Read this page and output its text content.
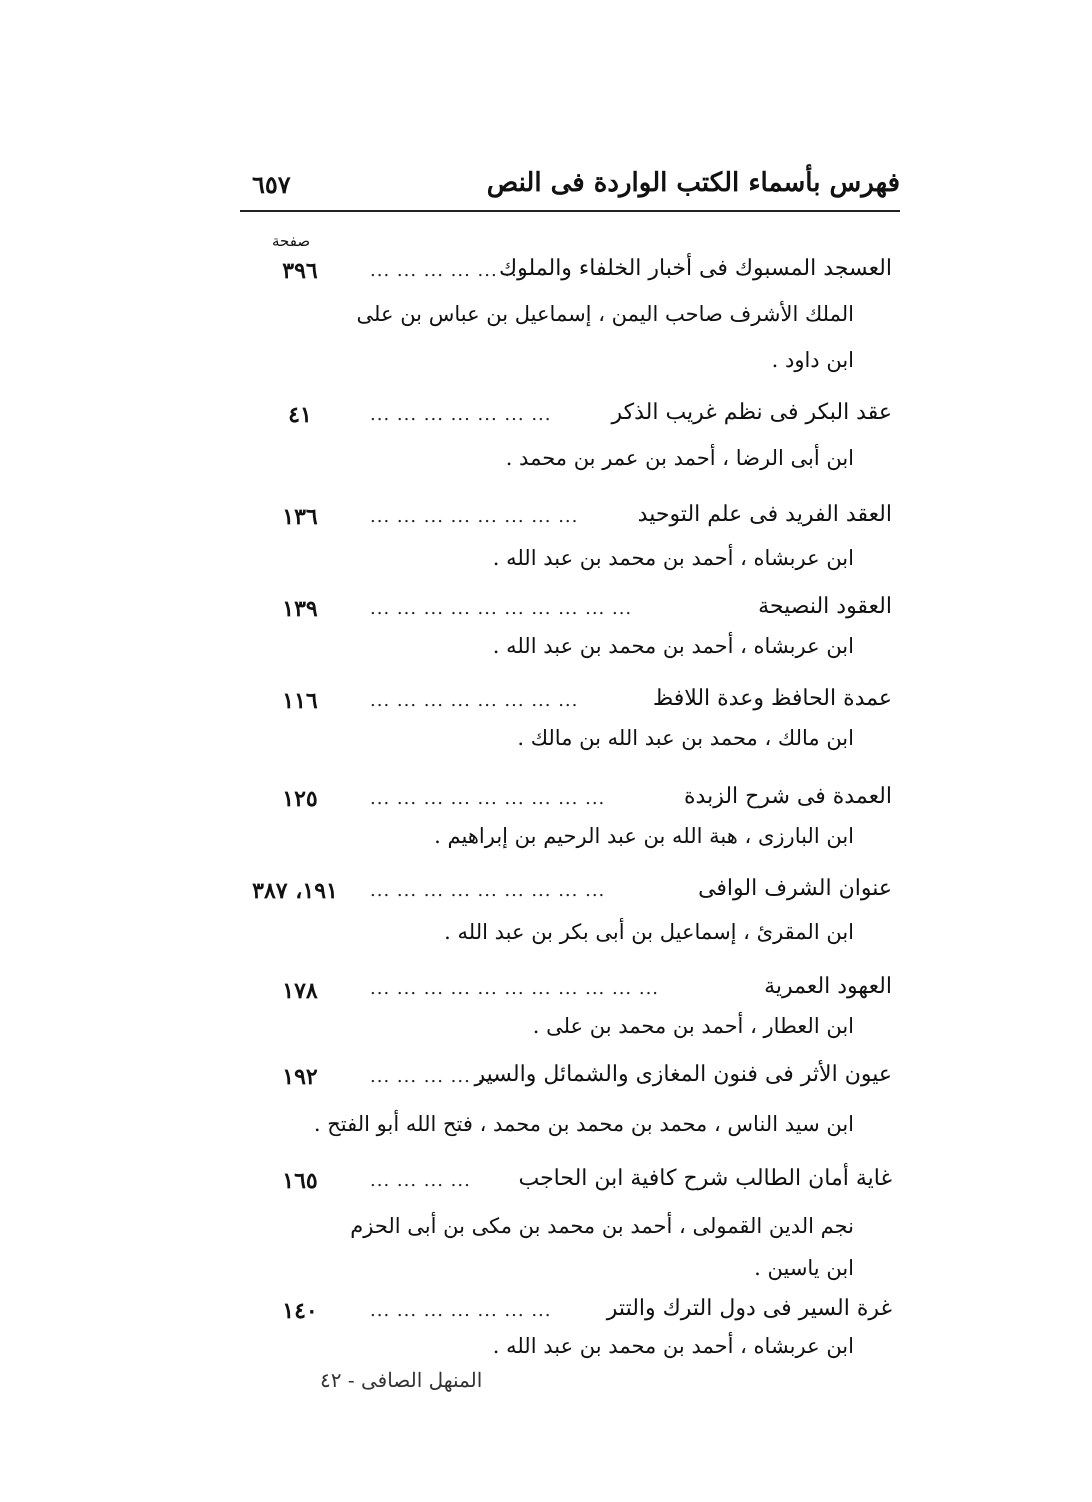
فهرس بأسماء الكتب الواردة فى النص
٦٥٧
صفحة
العسجد المسبوك فى أخبار الخلفاء والملوك
... ... ... ... ... ...
٣٩٦
الملك الأشرف صاحب اليمن ، إسماعيل بن عباس بن على
ابن داود .
عقد البكر فى نظم غريب الذكر
... ... ... ... ... ... ...
٤١
ابن أبى الرضا ، أحمد بن عمر بن محمد .
العقد الفريد فى علم التوحيد
... ... ... ... ... ... ... ...
١٣٦
ابن عربشاه ، أحمد بن محمد بن عبد الله .
العقود النصيحة
... ... ... ... ... ... ... ... ... ...
١٣٩
ابن عربشاه ، أحمد بن محمد بن عبد الله .
عمدة الحافظ وعدة اللافظ
... ... ... ... ... ... ... ...
١١٦
ابن مالك ، محمد بن عبد الله بن مالك .
العمدة فى شرح الزبدة
... ... ... ... ... ... ... ... ...
١٢٥
ابن البارزى ، هبة الله بن عبد الرحيم بن إبراهيم .
عنوان الشرف الوافى
... ... ... ... ... ... ... ... ...
١٩١، ٣٨٧
ابن المقرئ ، إسماعيل بن أبى بكر بن عبد الله .
العهود العمرية
... ... ... ... ... ... ... ... ... ... ...
١٧٨
ابن العطار ، أحمد بن محمد بن على .
عيون الأثر فى فنون المغازى والشمائل والسير
... ... ... ... ...
١٩٢
ابن سيد الناس ، محمد بن محمد بن محمد ، فتح الله أبو الفتح .
غاية أمان الطالب شرح كافية ابن الحاجب
... ... ... ...
١٦٥
نجم الدين القمولى ، أحمد بن محمد بن مكى بن أبى الحزم
ابن ياسين .
غرة السير فى دول الترك والتتر
... ... ... ... ... ... ...
١٤٠
ابن عربشاه ، أحمد بن محمد بن عبد الله .
المنهل الصافى - ٤٢
